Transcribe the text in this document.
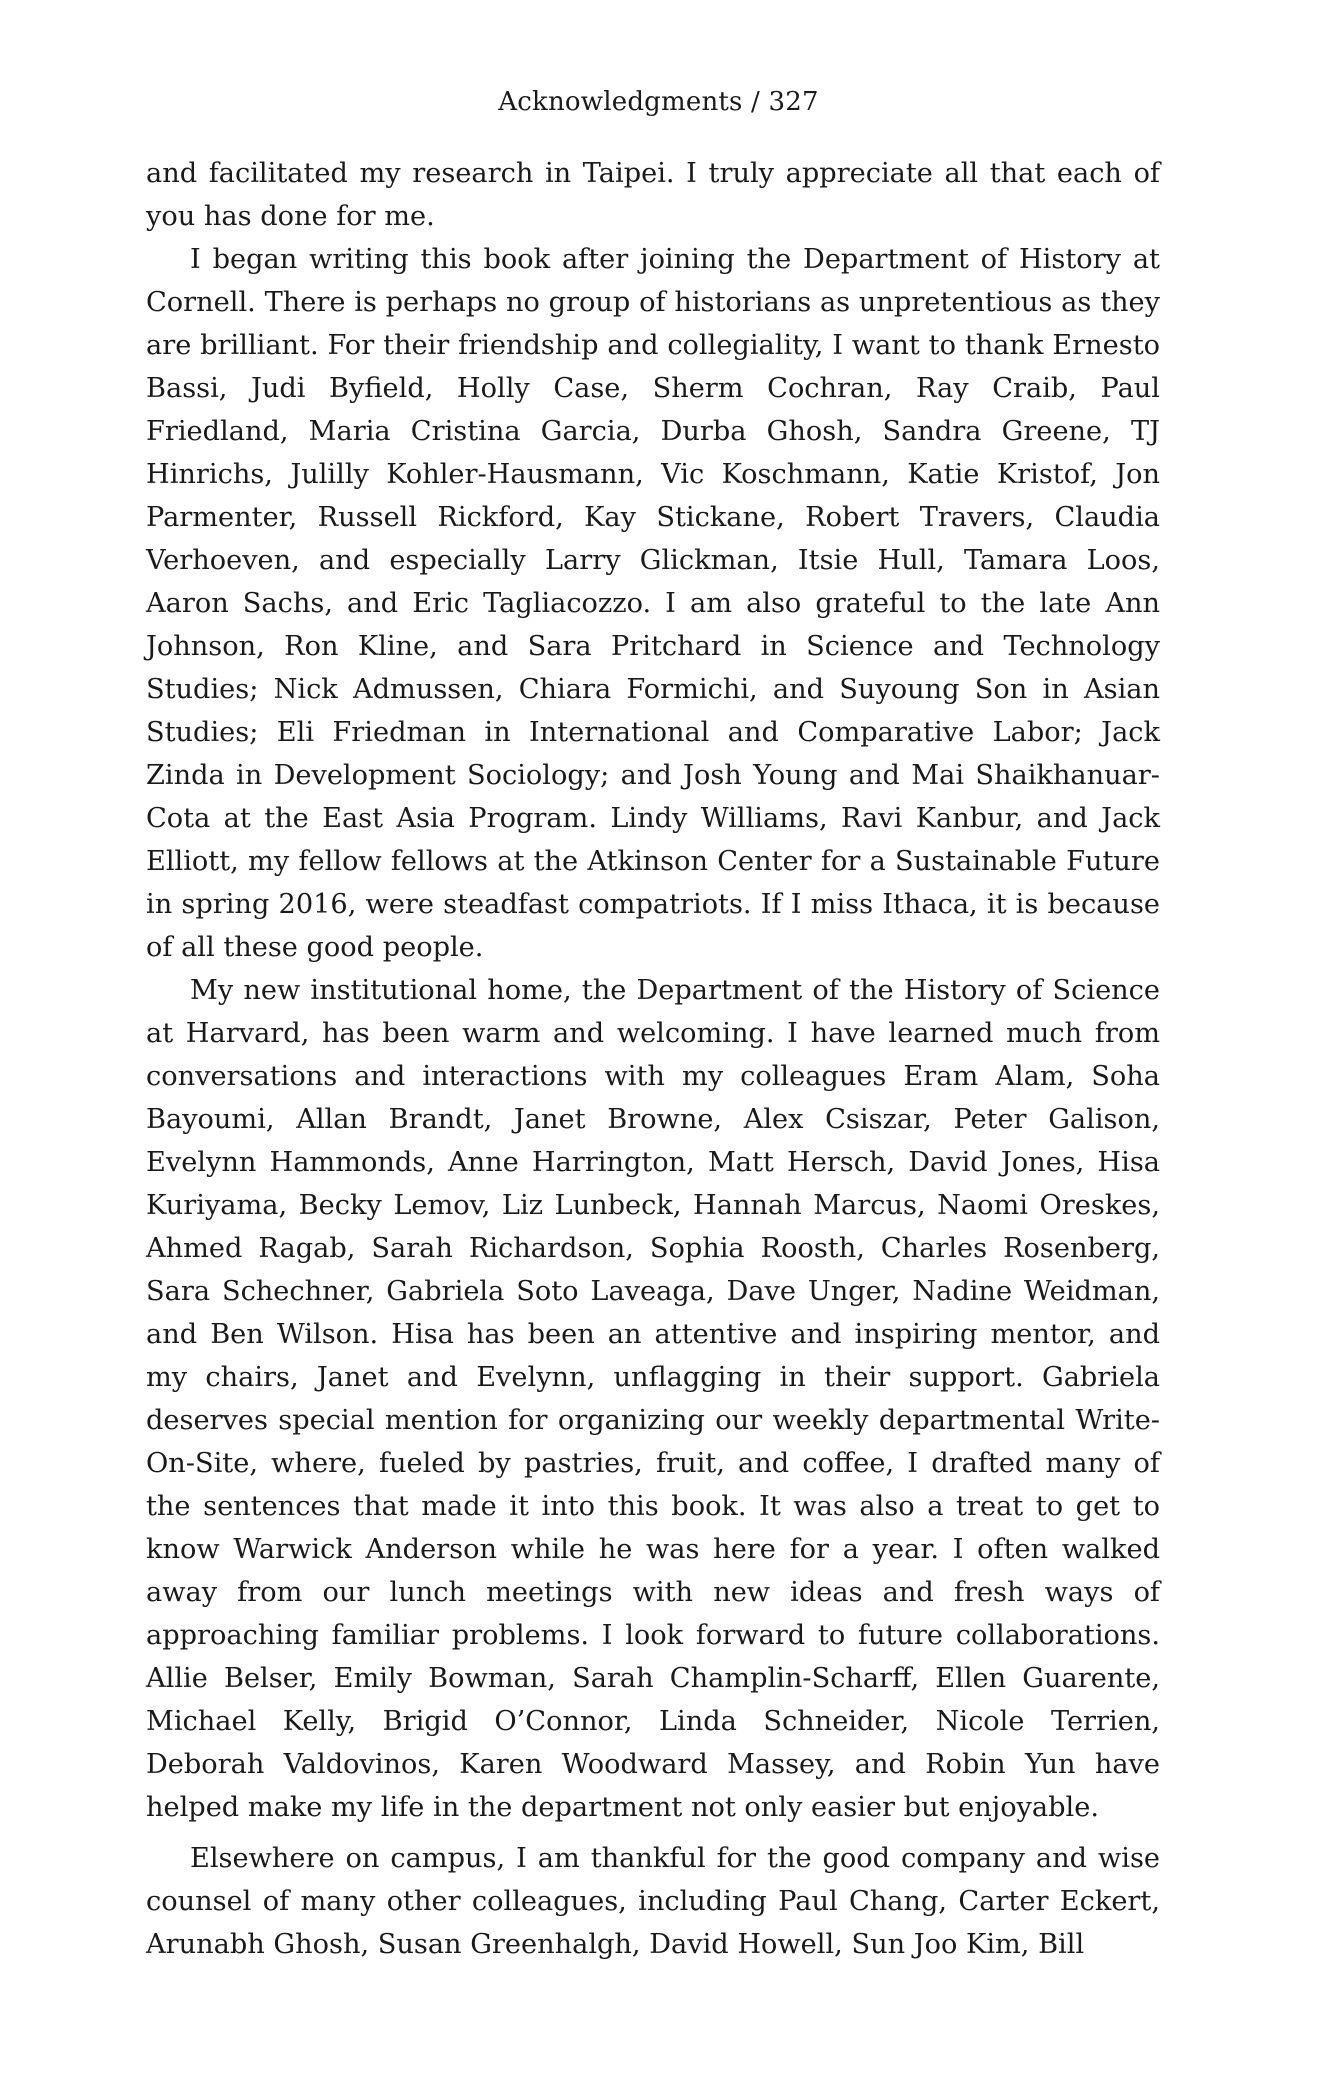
Acknowledgments / 327

and facilitated my research in Taipei. I truly appreciate all that each of you has done for me.

I began writing this book after joining the Department of History at Cornell. There is perhaps no group of historians as unpretentious as they are brilliant. For their friendship and collegiality, I want to thank Ernesto Bassi, Judi Byfield, Holly Case, Sherm Cochran, Ray Craib, Paul Friedland, Maria Cristina Garcia, Durba Ghosh, Sandra Greene, TJ Hinrichs, Julilly Kohler-Hausmann, Vic Koschmann, Katie Kristof, Jon Parmenter, Russell Rickford, Kay Stickane, Robert Travers, Claudia Verhoeven, and especially Larry Glickman, Itsie Hull, Tamara Loos, Aaron Sachs, and Eric Tagliacozzo. I am also grateful to the late Ann Johnson, Ron Kline, and Sara Pritchard in Science and Technology Studies; Nick Admussen, Chiara Formichi, and Suyoung Son in Asian Studies; Eli Friedman in International and Comparative Labor; Jack Zinda in Development Sociology; and Josh Young and Mai Shaikhanuar-Cota at the East Asia Program. Lindy Williams, Ravi Kanbur, and Jack Elliott, my fellow fellows at the Atkinson Center for a Sustainable Future in spring 2016, were steadfast compatriots. If I miss Ithaca, it is because of all these good people.

My new institutional home, the Department of the History of Science at Harvard, has been warm and welcoming. I have learned much from conversations and interactions with my colleagues Eram Alam, Soha Bayoumi, Allan Brandt, Janet Browne, Alex Csiszar, Peter Galison, Evelynn Hammonds, Anne Harrington, Matt Hersch, David Jones, Hisa Kuriyama, Becky Lemov, Liz Lunbeck, Hannah Marcus, Naomi Oreskes, Ahmed Ragab, Sarah Richardson, Sophia Roosth, Charles Rosenberg, Sara Schechner, Gabriela Soto Laveaga, Dave Unger, Nadine Weidman, and Ben Wilson. Hisa has been an attentive and inspiring mentor, and my chairs, Janet and Evelynn, unflagging in their support. Gabriela deserves special mention for organizing our weekly departmental Write-On-Site, where, fueled by pastries, fruit, and coffee, I drafted many of the sentences that made it into this book. It was also a treat to get to know Warwick Anderson while he was here for a year. I often walked away from our lunch meetings with new ideas and fresh ways of approaching familiar problems. I look forward to future collaborations. Allie Belser, Emily Bowman, Sarah Champlin-Scharff, Ellen Guarente, Michael Kelly, Brigid O’Connor, Linda Schneider, Nicole Terrien, Deborah Valdovinos, Karen Woodward Massey, and Robin Yun have helped make my life in the department not only easier but enjoyable.

Elsewhere on campus, I am thankful for the good company and wise counsel of many other colleagues, including Paul Chang, Carter Eckert, Arunabh Ghosh, Susan Greenhalgh, David Howell, Sun Joo Kim, Bill
